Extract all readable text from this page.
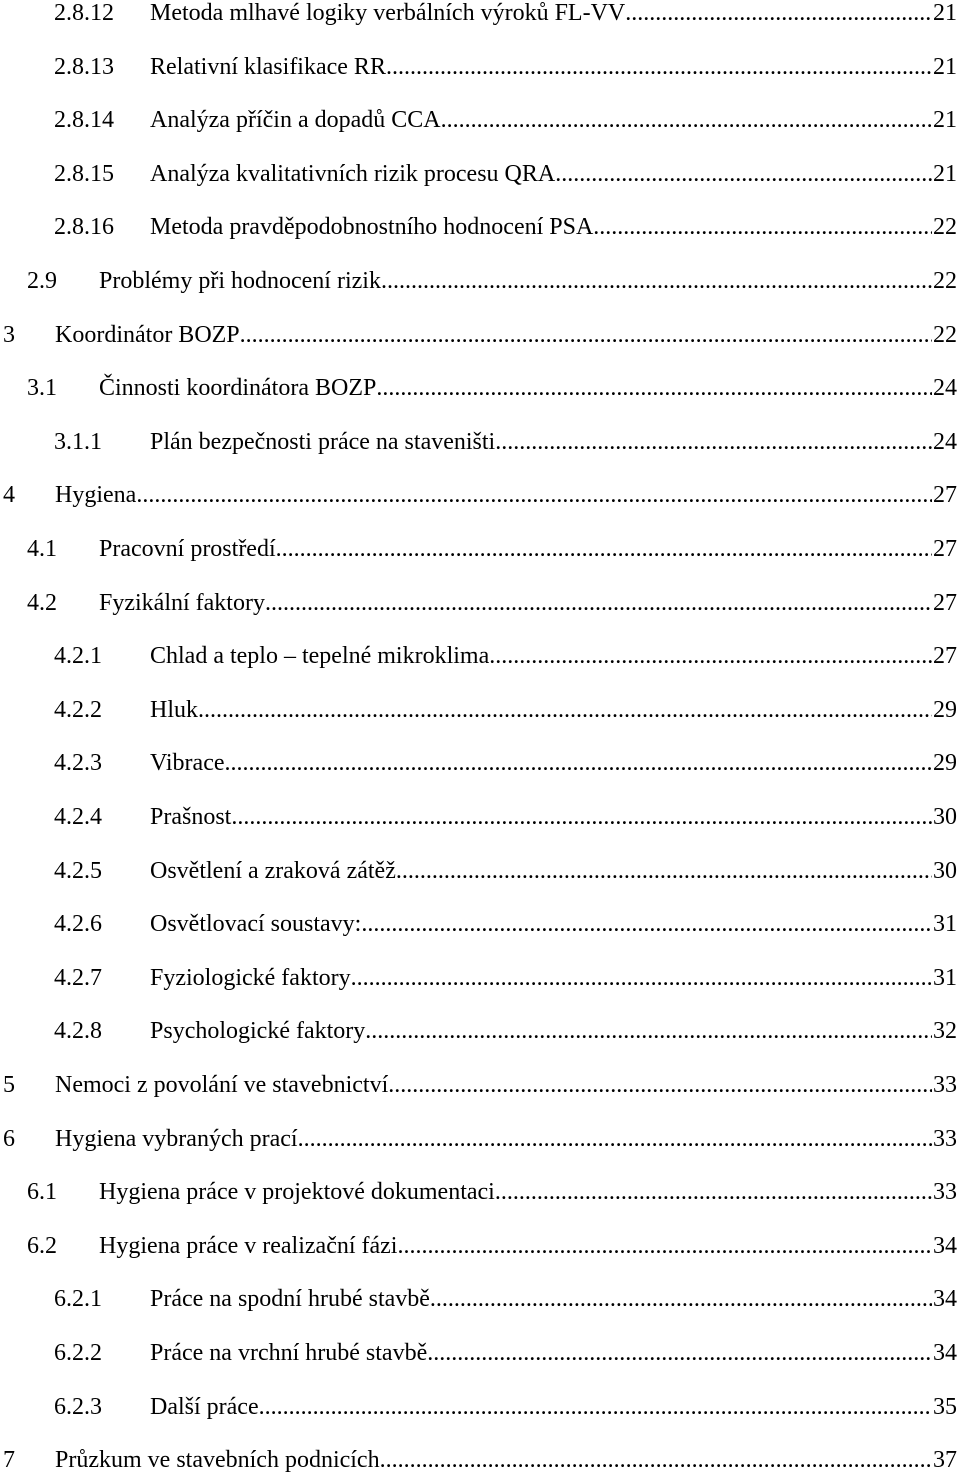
2.8.12	Metoda mlhavé logiky verbálních výroků FL-VV .....	21
2.8.13	Relativní klasifikace RR .....	21
2.8.14	Analýza příčin a dopadů CCA .....	21
2.8.15	Analýza kvalitativních rizik procesu QRA .....	21
2.8.16	Metoda pravděpodobnostního hodnocení PSA .....	22
2.9	Problémy při hodnocení rizik .....	22
3	Koordinátor BOZP .....	22
3.1	Činnosti koordinátora BOZP .....	24
3.1.1	Plán bezpečnosti práce na staveništi .....	24
4	Hygiena .....	27
4.1	Pracovní prostředí .....	27
4.2	Fyzikální faktory .....	27
4.2.1	Chlad a teplo – tepelné mikroklima .....	27
4.2.2	Hluk .....	29
4.2.3	Vibrace .....	29
4.2.4	Prašnost .....	30
4.2.5	Osvětlení a zraková zátěž .....	30
4.2.6	Osvětlovací soustavy: .....	31
4.2.7	Fyziologické faktory .....	31
4.2.8	Psychologické faktory .....	32
5	Nemoci z povolání ve stavebnictví .....	33
6	Hygiena vybraných prací .....	33
6.1	Hygiena práce v projektové dokumentaci .....	33
6.2	Hygiena práce v realizační fázi .....	34
6.2.1	Práce na spodní hrubé stavbě .....	34
6.2.2	Práce na vrchní hrubé stavbě .....	34
6.2.3	Další práce .....	35
7	Průzkum ve stavebních podnicích .....	37
